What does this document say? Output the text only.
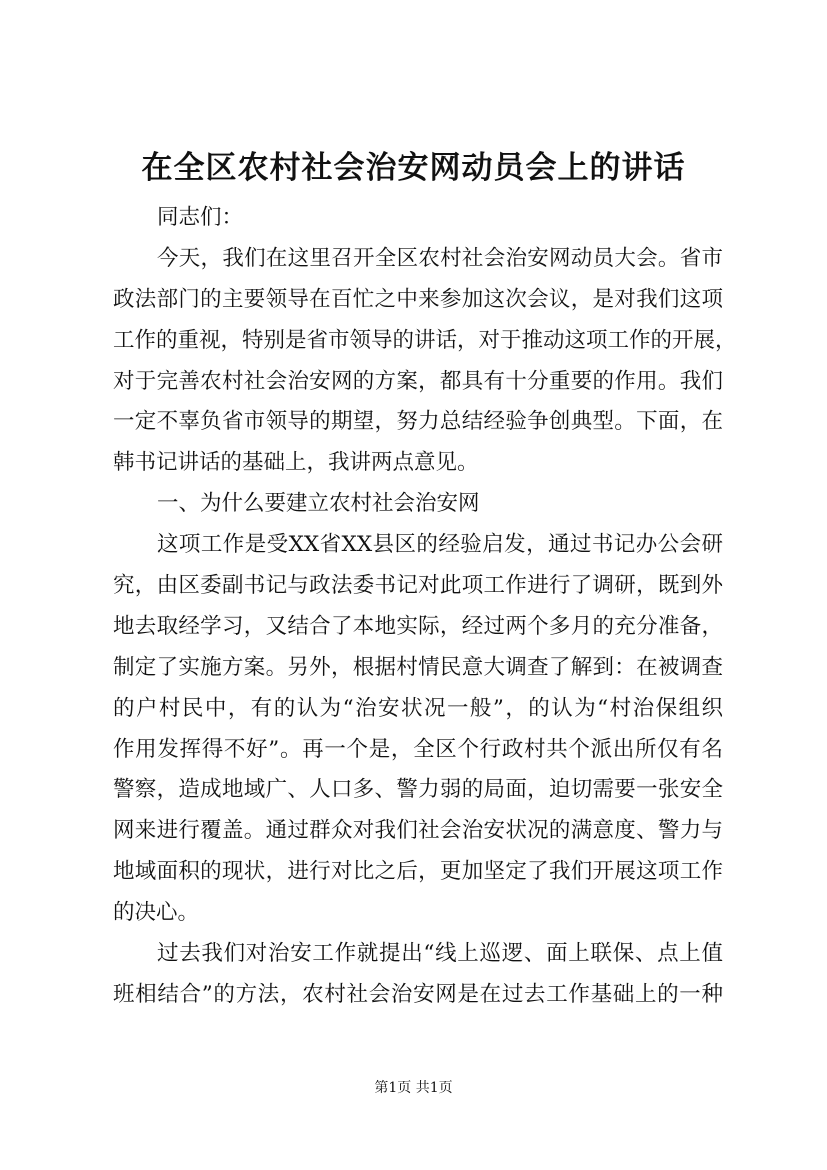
在全区农村社会治安网动员会上的讲话
同志们：
今天，我们在这里召开全区农村社会治安网动员大会。省市
政法部门的主要领导在百忙之中来参加这次会议，是对我们这项
工作的重视，特别是省市领导的讲话，对于推动这项工作的开展，
对于完善农村社会治安网的方案，都具有十分重要的作用。我们
一定不辜负省市领导的期望，努力总结经验争创典型。下面，在
韩书记讲话的基础上，我讲两点意见。
一、为什么要建立农村社会治安网
这项工作是受XX省XX县区的经验启发，通过书记办公会研
究，由区委副书记与政法委书记对此项工作进行了调研，既到外
地去取经学习，又结合了本地实际，经过两个多月的充分准备，
制定了实施方案。另外，根据村情民意大调查了解到：在被调查
的户村民中，有的认为“治安状况一般”，的认为“村治保组织
作用发挥得不好”。再一个是，全区个行政村共个派出所仅有名
警察，造成地域广、人口多、警力弱的局面，迫切需要一张安全
网来进行覆盖。通过群众对我们社会治安状况的满意度、警力与
地域面积的现状，进行对比之后，更加坚定了我们开展这项工作
的决心。
过去我们对治安工作就提出“线上巡逻、面上联保、点上值
班相结合”的方法，农村社会治安网是在过去工作基础上的一种
第1页 共1页
